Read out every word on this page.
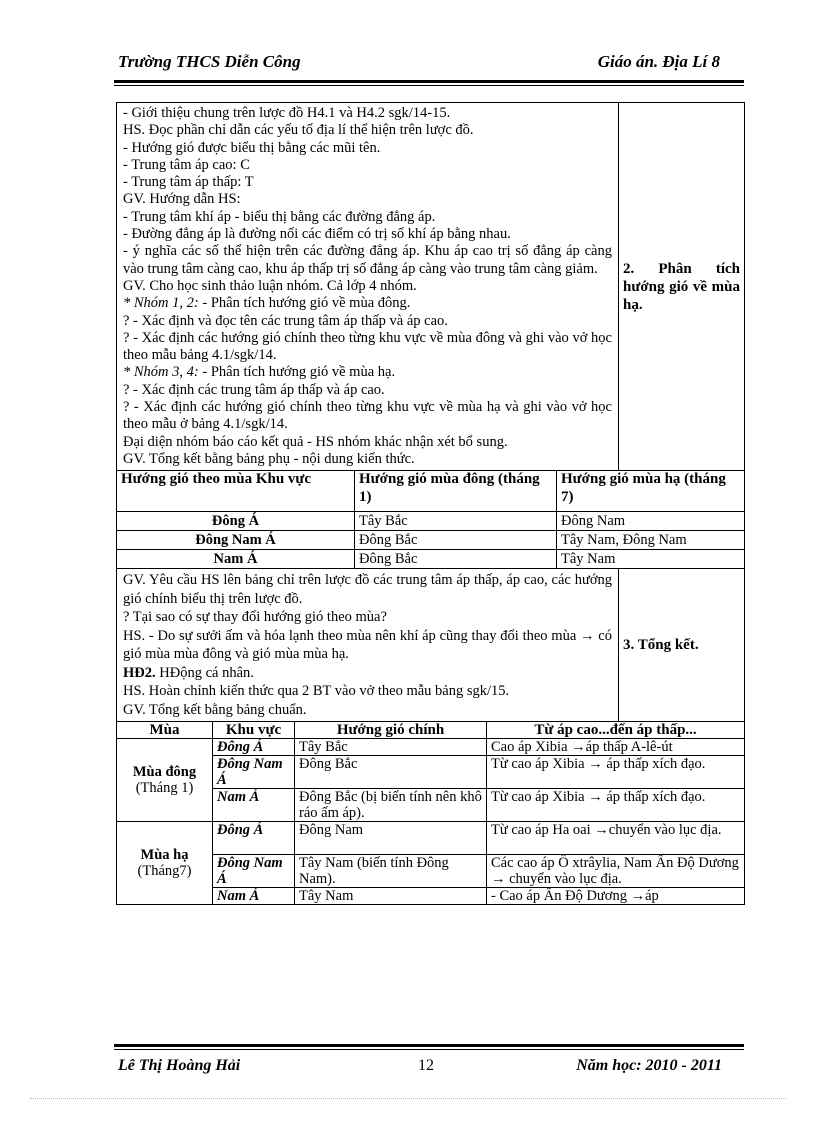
Trường THCS Diễn Công	Giáo án. Địa Lí 8
- Giới thiệu chung trên lược đồ H4.1 và H4.2 sgk/14-15.
HS. Đọc phần chỉ dẫn các yếu tố địa lí thể hiện trên lược đồ.
- Hướng gió được biểu thị bằng các mũi tên.
- Trung tâm áp cao: C
- Trung tâm áp thấp: T
GV. Hướng dẫn HS:
- Trung tâm khí áp - biểu thị bằng các đường đẳng áp.
- Đường đẳng áp là đường nối các điểm có trị số khí áp bằng nhau.
- ý nghĩa các số thể hiện trên các đường đẳng áp. Khu áp cao trị số đẳng áp càng vào trung tâm càng cao, khu áp thấp trị số đẳng áp càng vào trung tâm càng giảm.
GV. Cho học sinh thảo luận nhóm. Cả lớp 4 nhóm.
* Nhóm 1, 2: - Phân tích hướng gió về mùa đông.
? - Xác định và đọc tên các trung tâm áp thấp và áp cao.
? - Xác định các hướng gió chính theo từng khu vực về mùa đông và ghi vào vở học theo mẫu bảng 4.1/sgk/14.
* Nhóm 3, 4: - Phân tích hướng gió về mùa hạ.
? - Xác định các trung tâm áp thấp và áp cao.
? - Xác định các hướng gió chính theo từng khu vực về mùa hạ và ghi vào vở học theo mẫu ở bảng 4.1/sgk/14.
Đại diện nhóm báo cáo kết quả - HS nhóm khác nhận xét bổ sung.
GV. Tổng kết bằng bảng phụ - nội dung kiến thức.
	2. Phân tích hướng gió về mùa hạ.
Hướng gió theo mùa Khu vực	Hướng gió mùa đông (tháng 1)	Hướng gió mùa hạ (tháng 7)
Đông Á	Tây Bắc	Đông Nam
Đông Nam Á	Đông Bắc	Tây Nam, Đông Nam
Nam Á	Đông Bắc	Tây Nam
GV. Yêu cầu HS lên bảng chỉ trên lược đồ các trung tâm áp thấp, áp cao, các hướng gió chính biểu thị trên lược đồ.
? Tại sao có sự thay đổi hướng gió theo mùa?
HS. - Do sự sưởi ấm và hóa lạnh theo mùa nên khí áp cũng thay đổi theo mùa → có gió mùa mùa đông và gió mùa mùa hạ.
HĐ2. HĐộng cá nhân.
HS. Hoàn chỉnh kiến thức qua 2 BT vào vở theo mẫu bảng sgk/15.
GV. Tổng kết bằng bảng chuẩn.
	3. Tổng kết.
Mùa	Khu vực	Hướng gió chính	Từ áp cao...đến áp thấp...

Mùa đông
(Tháng 1)	Đông Á	Tây Bắc	Cao áp Xibia →áp thấp A-lê-út
	Đông Nam Á	Đông Bắc	Từ cao áp Xibia → áp thấp xích đạo.
	Nam Á	Đông Bắc (bị biến tính nên khô ráo ấm áp).	Từ cao áp Xibia → áp thấp xích đạo.

Mùa hạ
(Tháng7)	Đông Á	Đông Nam	Từ cao áp Ha oai →chuyển vào lục địa.
	Đông Nam Á	Tây Nam (biến tính Đông Nam).	Các cao áp Ô xtrâylia, Nam Ấn Độ Dương → chuyển vào lục địa.
	Nam Á	Tây Nam	- Cao áp Ấn Độ Dương →áp
Lê Thị Hoàng Hải	12	Năm học: 2010 - 2011
